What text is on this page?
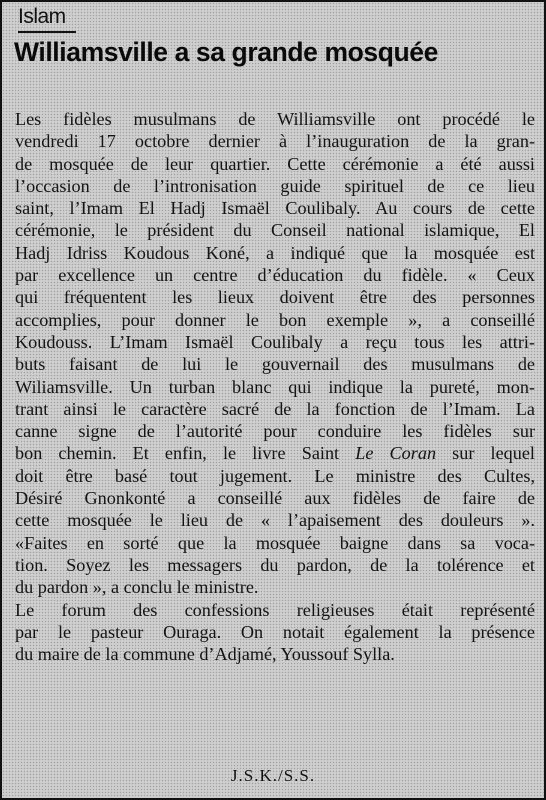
Islam
Williamsville a sa grande mosquée
Les fidèles musulmans de Williamsville ont procédé le
vendredi 17 octobre dernier à l’inauguration de la gran-
de mosquée de leur quartier. Cette cérémonie a été aussi
l’occasion de l’intronisation guide spirituel de ce lieu
saint, l’Imam El Hadj Ismaël Coulibaly. Au cours de cette
cérémonie, le président du Conseil national islamique, El
Hadj Idriss Koudous Koné, a indiqué que la mosquée est
par excellence un centre d’éducation du fidèle. « Ceux
qui fréquentent les lieux doivent être des personnes
accomplies, pour donner le bon exemple », a conseillé
Koudouss. L’Imam Ismaël Coulibaly a reçu tous les attri-
buts faisant de lui le gouvernail des musulmans de
Wiliamsville. Un turban blanc qui indique la pureté, mon-
trant ainsi le caractère sacré de la fonction de l’Imam. La
canne signe de l’autorité pour conduire les fidèles sur
bon chemin. Et enfin, le livre Saint Le Coran sur lequel
doit être basé tout jugement. Le ministre des Cultes,
Désiré Gnonkonté a conseillé aux fidèles de faire de
cette mosquée le lieu de « l’apaisement des douleurs ».
«Faites en sorté que la mosquée baigne dans sa voca-
tion. Soyez les messagers du pardon, de la tolérence et
du pardon », a conclu le ministre.
Le forum des confessions religieuses était représenté
par le pasteur Ouraga. On notait également la présence
du maire de la commune d’Adjamé, Youssouf Sylla.
J.S.K./S.S.
